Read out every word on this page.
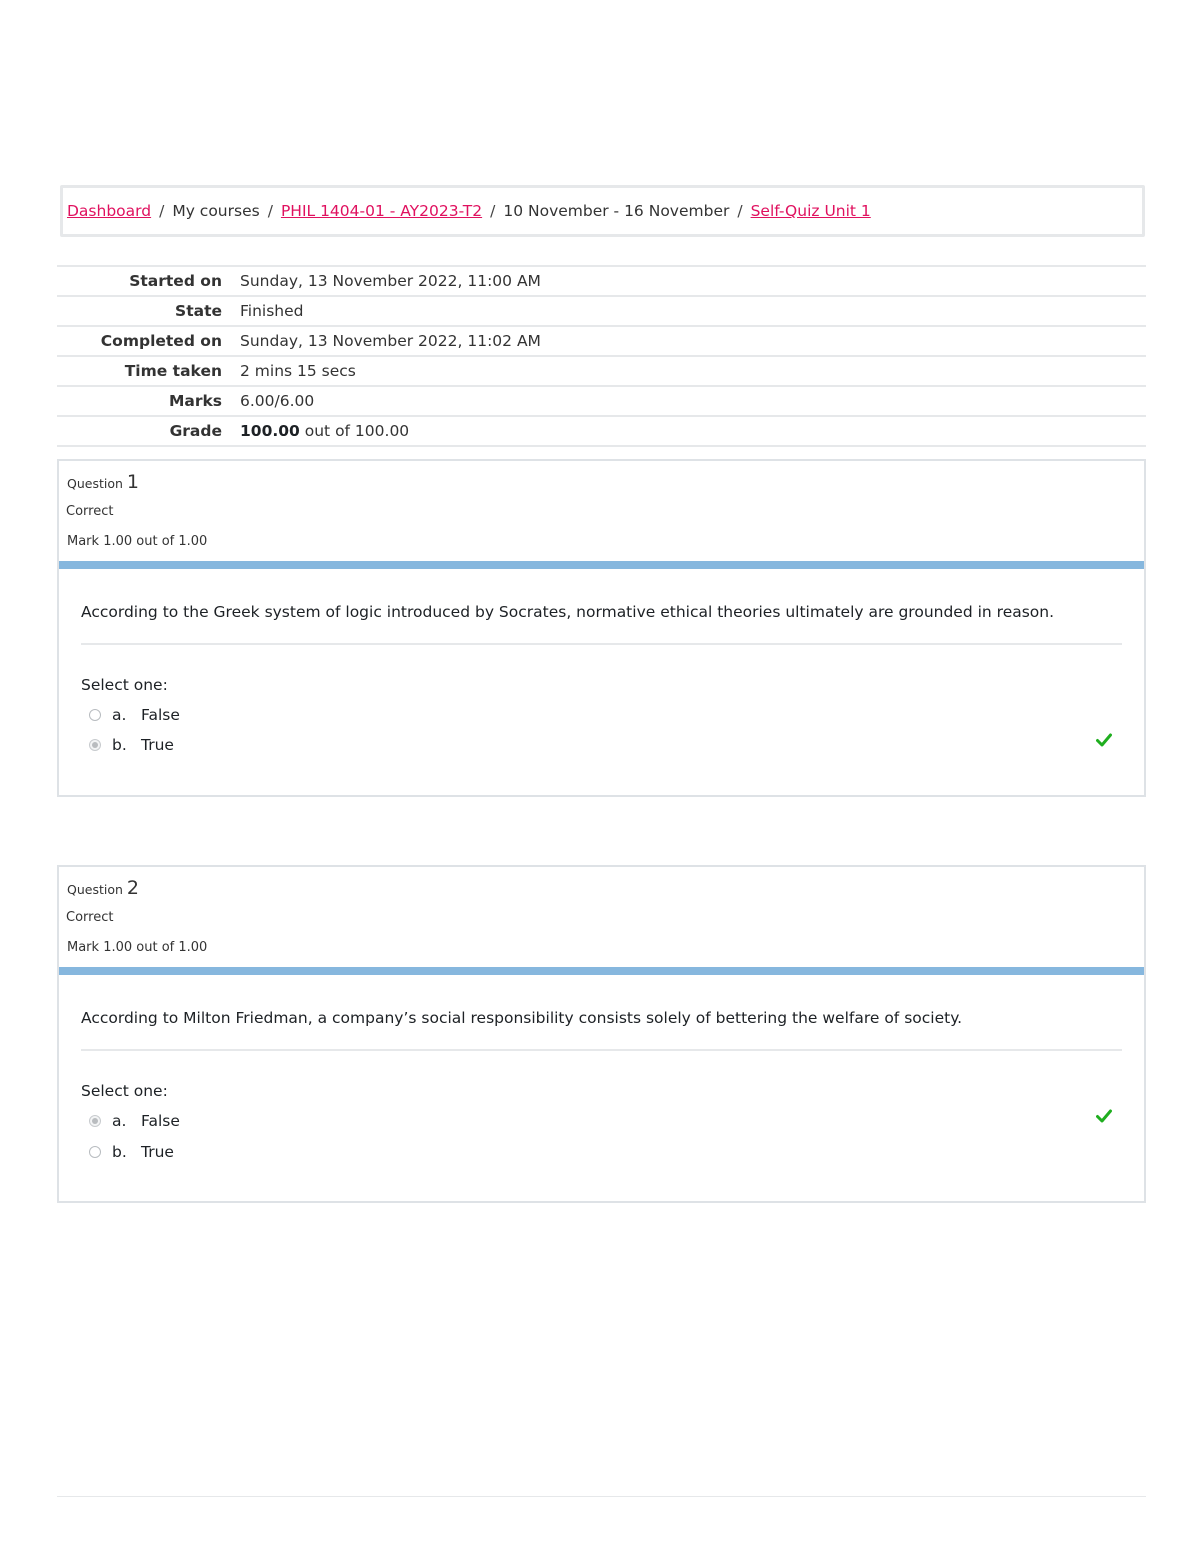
Dashboard / My courses / PHIL 1404-01 - AY2023-T2 / 10 November - 16 November / Self-Quiz Unit 1
Started on Sunday, 13 November 2022, 11:00 AM
State Finished
Completed on Sunday, 13 November 2022, 11:02 AM
Time taken 2 mins 15 secs
Marks 6.00/6.00
Grade 100.00 out of 100.00
Question 1
Correct
Mark 1.00 out of 1.00
According to the Greek system of logic introduced by Socrates, normative ethical theories ultimately are grounded in reason.
Select one:
a. False
b. True
Question 2
Correct
Mark 1.00 out of 1.00
According to Milton Friedman, a company’s social responsibility consists solely of bettering the welfare of society.
Select one:
a. False
b. True
